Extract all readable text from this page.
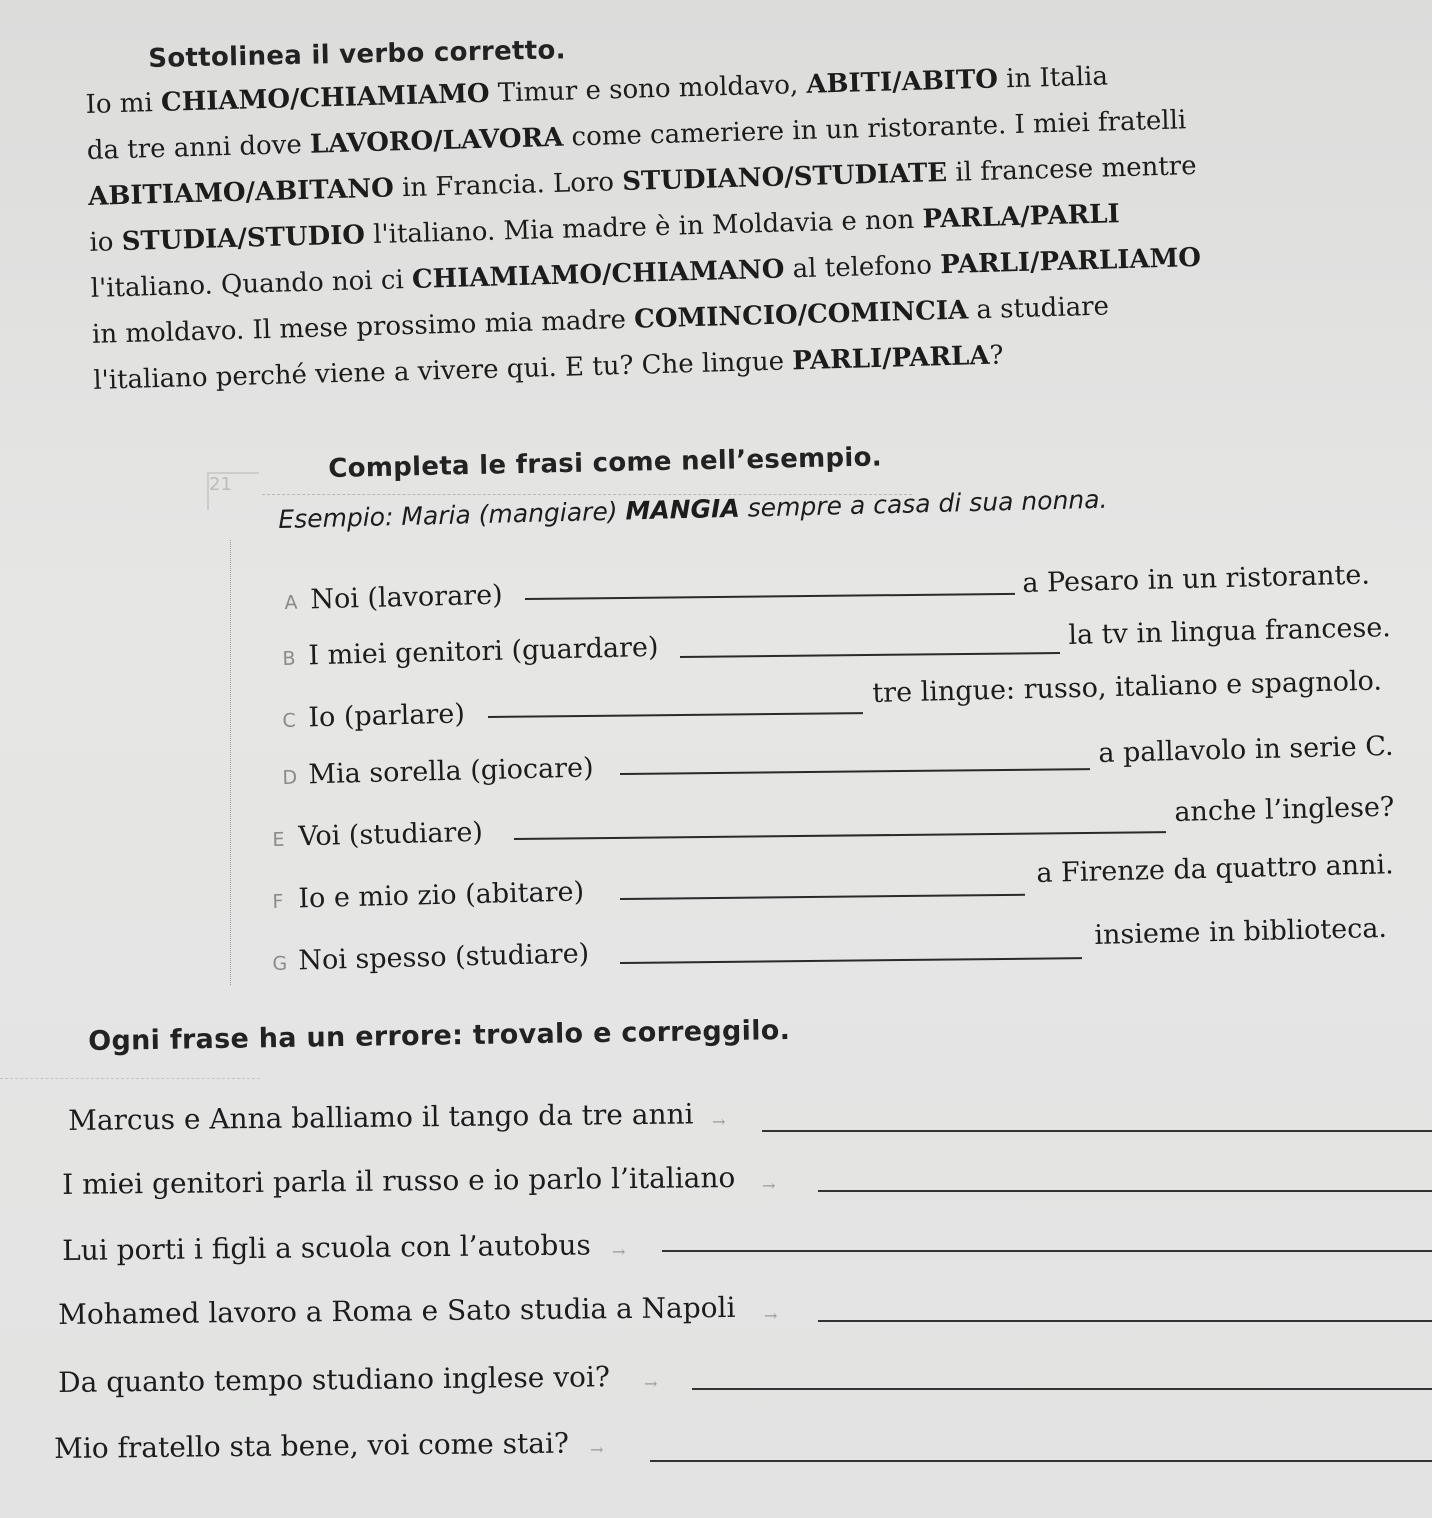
Sottolinea il verbo corretto.

Io mi CHIAMO/CHIAMIAMO Timur e sono moldavo, ABITI/ABITO in Italia

da tre anni dove LAVORO/LAVORA come cameriere in un ristorante. I miei fratelli

ABITIAMO/ABITANO in Francia. Loro STUDIANO/STUDIATE il francese mentre

io STUDIA/STUDIO l'italiano. Mia madre è in Moldavia e non PARLA/PARLI

l'italiano. Quando noi ci CHIAMIAMO/CHIAMANO al telefono PARLI/PARLIAMO

in moldavo. Il mese prossimo mia madre COMINCIO/COMINCIA a studiare

l'italiano perché viene a vivere qui. E tu? Che lingue PARLI/PARLA?

21
Completa le frasi come nell’esempio.
Esempio: Maria (mangiare) MANGIA sempre a casa di sua nonna.
A Noi (lavorare)	a Pesaro in un ristorante.
B I miei genitori (guardare)
la tv in lingua francese.
C Io (parlare)
tre lingue: russo, italiano e spagnolo.
D Mia sorella (giocare)
a pallavolo in serie C.
E Voi (studiare)
anche l’inglese?
F Io e mio zio (abitare)
a Firenze da quattro anni.
G Noi spesso (studiare)
insieme in biblioteca.
Ogni frase ha un errore: trovalo e correggilo.
Marcus e Anna balliamo il tango da tre anni →
I miei genitori parla il russo e io parlo l’italiano →
Lui porti i figli a scuola con l’autobus →
Mohamed lavoro a Roma e Sato studia a Napoli →
Da quanto tempo studiano inglese voi? →
Mio fratello sta bene, voi come stai? →
